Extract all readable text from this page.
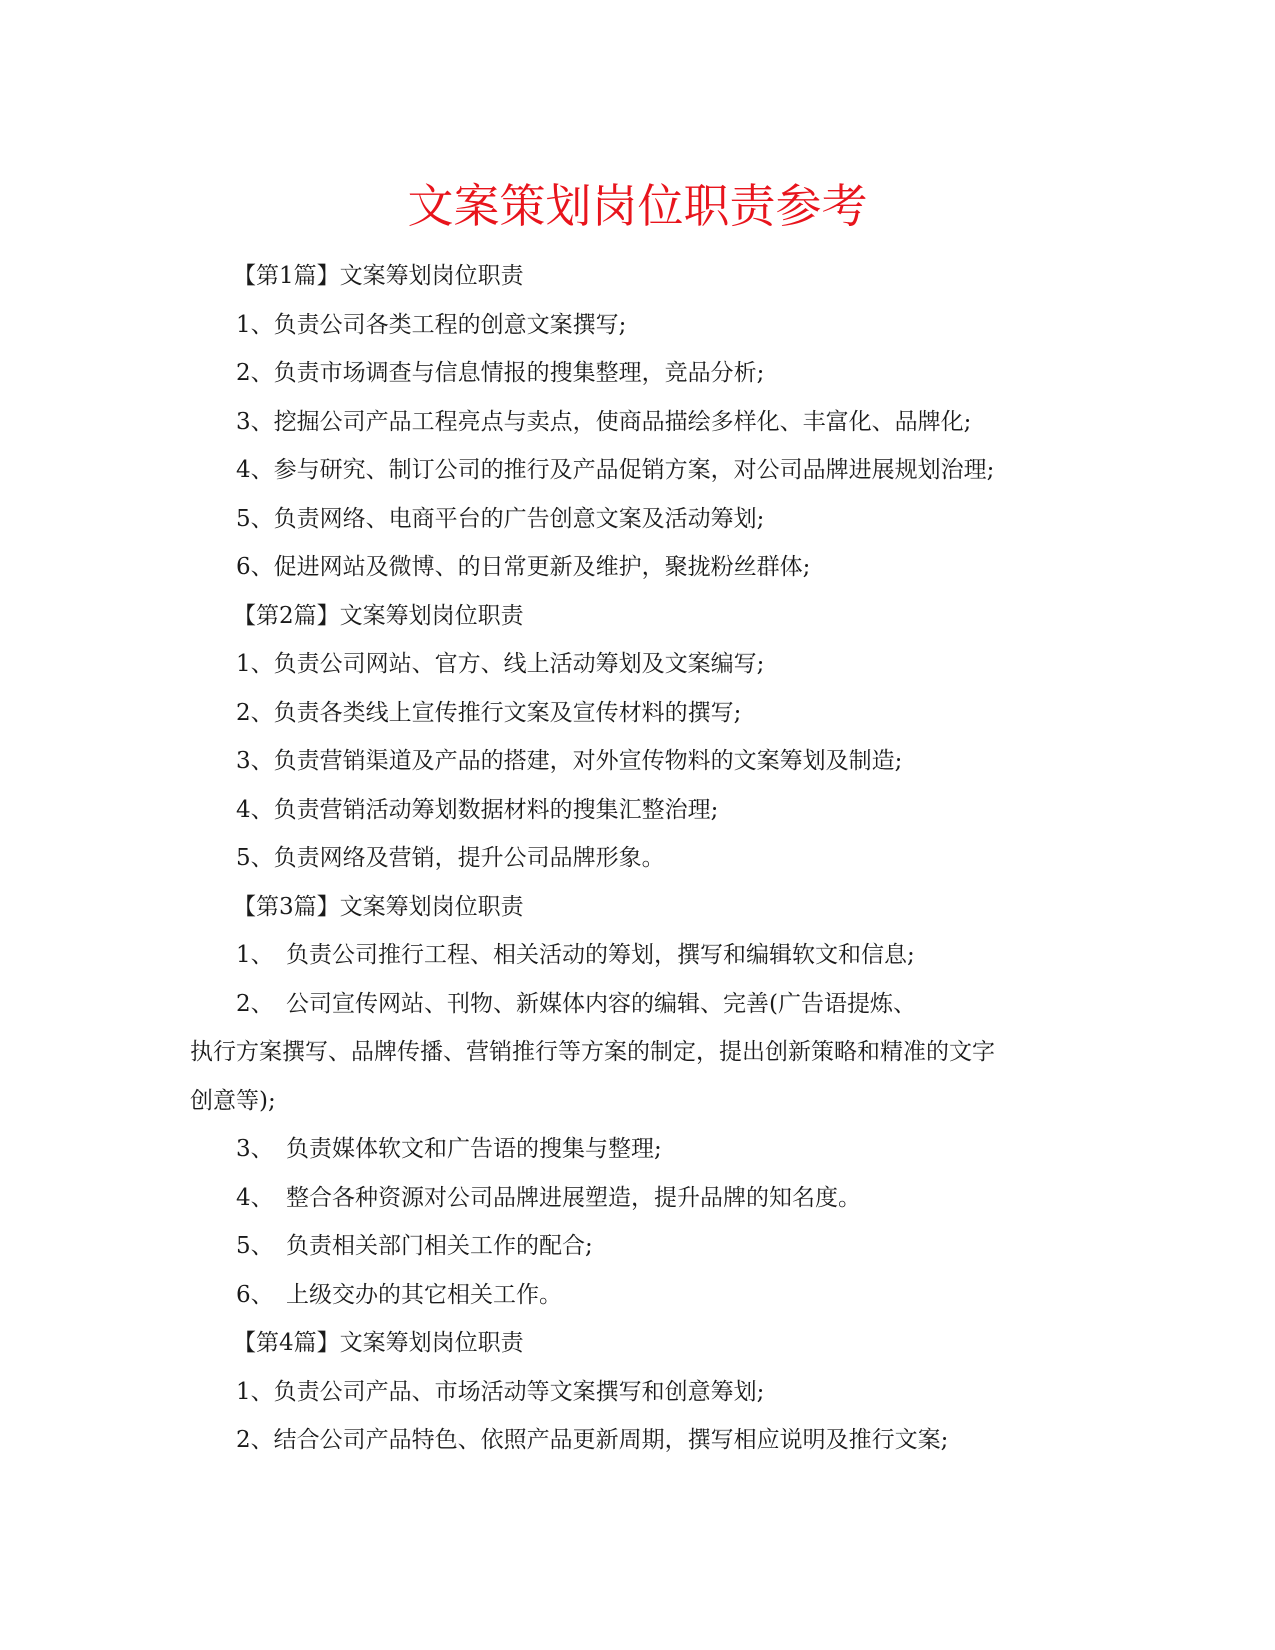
文案策划岗位职责参考

【第1篇】文案筹划岗位职责

1、负责公司各类工程的创意文案撰写;

2、负责市场调查与信息情报的搜集整理，竞品分析;

3、挖掘公司产品工程亮点与卖点，使商品描绘多样化、丰富化、品牌化;

4、参与研究、制订公司的推行及产品促销方案，对公司品牌进展规划治理;

5、负责网络、电商平台的广告创意文案及活动筹划;

6、促进网站及微博、的日常更新及维护，聚拢粉丝群体;

【第2篇】文案筹划岗位职责

1、负责公司网站、官方、线上活动筹划及文案编写;

2、负责各类线上宣传推行文案及宣传材料的撰写;

3、负责营销渠道及产品的搭建，对外宣传物料的文案筹划及制造;

4、负责营销活动筹划数据材料的搜集汇整治理;

5、负责网络及营销，提升公司品牌形象。

【第3篇】文案筹划岗位职责

1、 负责公司推行工程、相关活动的筹划，撰写和编辑软文和信息;

2、 公司宣传网站、刊物、新媒体内容的编辑、完善(广告语提炼、

执行方案撰写、品牌传播、营销推行等方案的制定，提出创新策略和精准的文字

创意等);

3、 负责媒体软文和广告语的搜集与整理;

4、 整合各种资源对公司品牌进展塑造，提升品牌的知名度。

5、 负责相关部门相关工作的配合;

6、 上级交办的其它相关工作。

【第4篇】文案筹划岗位职责

1、负责公司产品、市场活动等文案撰写和创意筹划;

2、结合公司产品特色、依照产品更新周期，撰写相应说明及推行文案;
